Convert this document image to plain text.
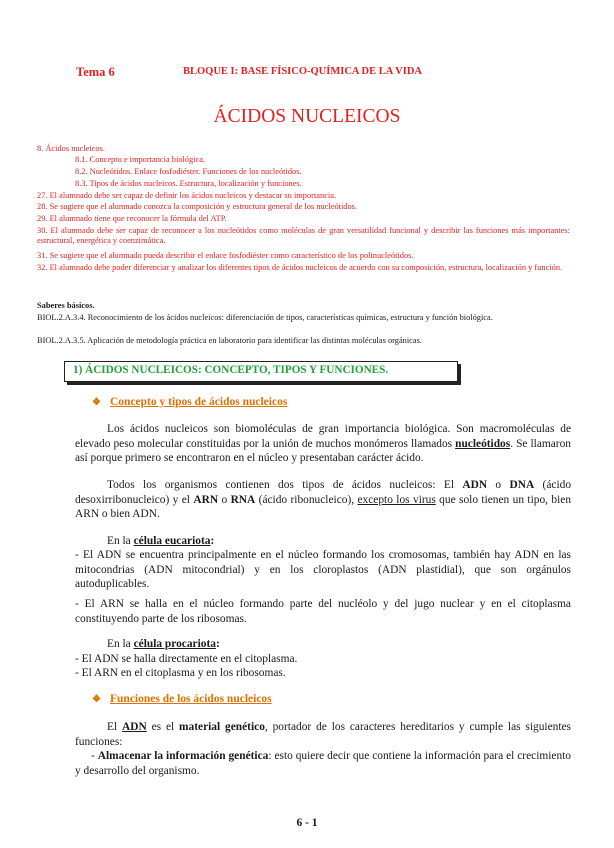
Tema 6	BLOQUE I: BASE FÍSICO-QUÍMICA DE LA VIDA
ÁCIDOS NUCLEICOS
8. Ácidos nucleicos.
8.1. Concepto e importancia biológica.
8.2. Nucleótidos. Enlace fosfodiéster. Funciones de los nucleótidos.
8.3. Tipos de ácidos nucleicos. Estructura, localización y funciones.
27. El alumnado debe ser capaz de definir los ácidos nucleicos y destacar su importancia.
28. Se sugiere que el alumnado conozca la composición y estructura general de los nucleótidos.
29. El alumnado tiene que reconocer la fórmula del ATP.
30. El alumnado debe ser capaz de reconocer a los nucleótidos como moléculas de gran versatilidad funcional y describir las funciones más importantes: estructural, energética y coenzimática.
31. Se sugiere que el alumnado pueda describir el enlace fosfodiéster como característico de los polinucleótidos.
32. El alumnado debe poder diferenciar y analizar los diferentes tipos de ácidos nucleicos de acuerdo con su composición, estructura, localización y función.
Saberes básicos.
BIOL.2.A.3.4. Reconocimiento de los ácidos nucleicos: diferenciación de tipos, características químicas, estructura y función biológica.
BIOL.2.A.3.5. Aplicación de metodología práctica en laboratorio para identificar las distintas moléculas orgánicas.
1) ÁCIDOS NUCLEICOS: CONCEPTO, TIPOS Y FUNCIONES.
❖ Concepto y tipos de ácidos nucleicos
Los ácidos nucleicos son biomoléculas de gran importancia biológica. Son macromoléculas de elevado peso molecular constituidas por la unión de muchos monómeros llamados nucleótidos. Se llamaron así porque primero se encontraron en el núcleo y presentaban carácter ácido.
Todos los organismos contienen dos tipos de ácidos nucleicos: El ADN o DNA (ácido desoxirribonucleico) y el ARN o RNA (ácido ribonucleico), excepto los virus que solo tienen un tipo, bien ARN o bien ADN.
En la célula eucariota:
- El ADN se encuentra principalmente en el núcleo formando los cromosomas, también hay ADN en las mitocondrias (ADN mitocondrial) y en los cloroplastos (ADN plastidial), que son orgánulos autoduplicables.
- El ARN se halla en el núcleo formando parte del nucléolo y del jugo nuclear y en el citoplasma constituyendo parte de los ribosomas.
En la célula procariota:
- El ADN se halla directamente en el citoplasma.
- El ARN en el citoplasma y en los ribosomas.
❖ Funciones de los ácidos nucleicos
El ADN es el material genético, portador de los caracteres hereditarios y cumple las siguientes funciones:
- Almacenar la información genética: esto quiere decir que contiene la información para el crecimiento y desarrollo del organismo.
6 - 1
